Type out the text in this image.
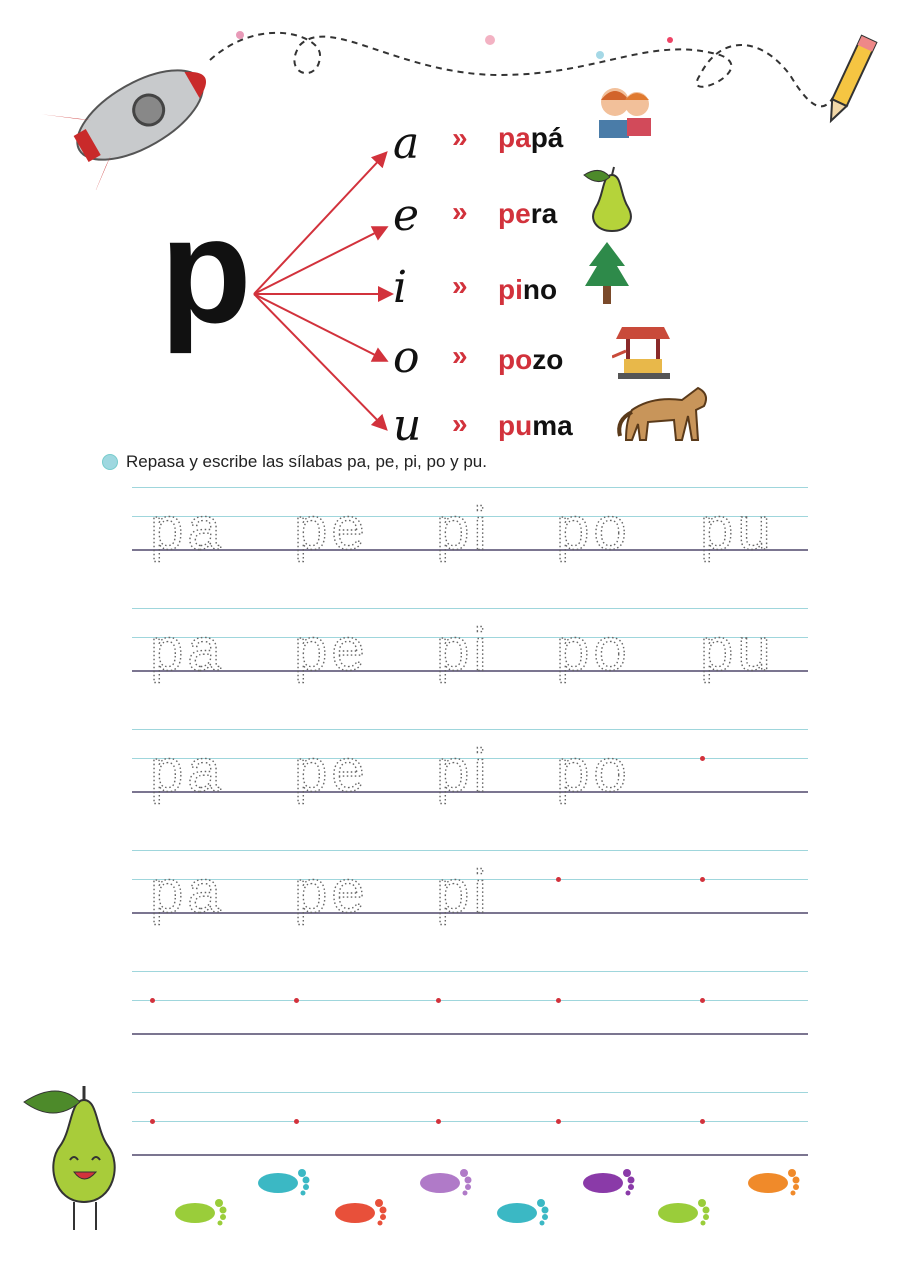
p
a
e
i
o
u
»
»
»
»
»
papá
pera
pino
pozo
puma
Repasa y escribe las sílabas pa, pe, pi, po y pu.
pa pe pi po pu
pa pe pi po pu
pa pe pi po
pa pe pi
